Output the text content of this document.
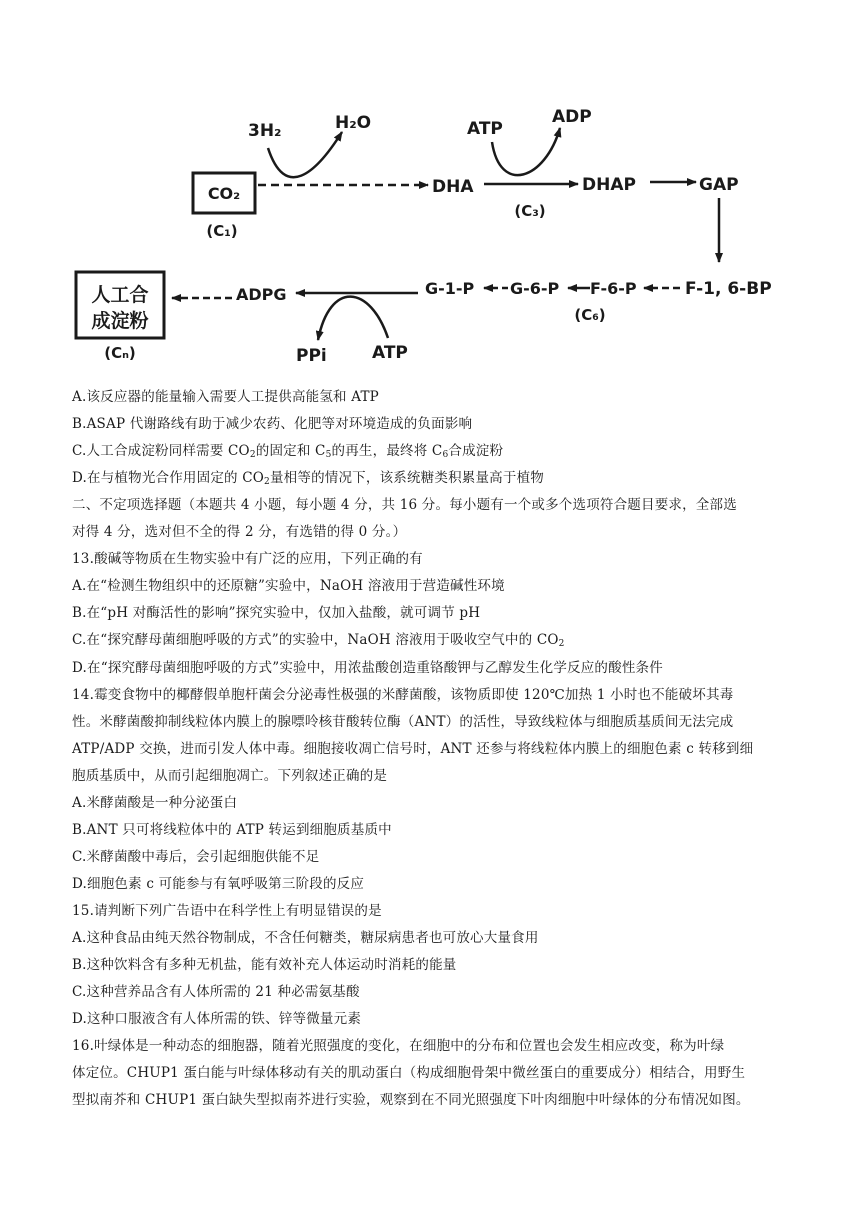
CO₂
(C₁)
3H₂	H₂O
DHA
ATP
ADP
(C₃)
DHAP	GAP
F-1, 6-BP
F-6-P
(C₆)
G-6-P
G-1-P
ADPG
PPi	ATP
人工合
成淀粉
(Cₙ)
A.该反应器的能量输入需要人工提供高能氢和 ATP
B.ASAP 代谢路线有助于减少农药、化肥等对环境造成的负面影响
C.人工合成淀粉同样需要 $CO_2$的固定和 $C_5$的再生，最终将 $C_6$合成淀粉
D.在与植物光合作用固定的 $CO_2$量相等的情况下，该系统糖类积累量高于植物
二、不定项选择题（本题共 4 小题，每小题 4 分，共 16 分。每小题有一个或多个选项符合题目要求，全部选
对得 4 分，选对但不全的得 2 分，有选错的得 0 分。）
13.酸碱等物质在生物实验中有广泛的应用，下列正确的有
A.在“检测生物组织中的还原糖”实验中，NaOH 溶液用于营造碱性环境
B.在“pH 对酶活性的影响”探究实验中，仅加入盐酸，就可调节 pH
C.在“探究酵母菌细胞呼吸的方式”的实验中，NaOH 溶液用于吸收空气中的 $CO_2$
D.在“探究酵母菌细胞呼吸的方式”实验中，用浓盐酸创造重铬酸钾与乙醇发生化学反应的酸性条件
14.霉变食物中的椰酵假单胞杆菌会分泌毒性极强的米酵菌酸，该物质即使 120℃加热 1 小时也不能破坏其毒
性。米酵菌酸抑制线粒体内膜上的腺嘌呤核苷酸转位酶（ANT）的活性，导致线粒体与细胞质基质间无法完成
ATP/ADP 交换，进而引发人体中毒。细胞接收凋亡信号时，ANT 还参与将线粒体内膜上的细胞色素 c 转移到细
胞质基质中，从而引起细胞凋亡。下列叙述正确的是
A.米酵菌酸是一种分泌蛋白
B.ANT 只可将线粒体中的 ATP 转运到细胞质基质中
C.米酵菌酸中毒后，会引起细胞供能不足
D.细胞色素 c 可能参与有氧呼吸第三阶段的反应
15.请判断下列广告语中在科学性上有明显错误的是
A.这种食品由纯天然谷物制成，不含任何糖类，糖尿病患者也可放心大量食用
B.这种饮料含有多种无机盐，能有效补充人体运动时消耗的能量
C.这种营养品含有人体所需的 21 种必需氨基酸
D.这种口服液含有人体所需的铁、锌等微量元素
16.叶绿体是一种动态的细胞器，随着光照强度的变化，在细胞中的分布和位置也会发生相应改变，称为叶绿
体定位。CHUP1 蛋白能与叶绿体移动有关的肌动蛋白（构成细胞骨架中微丝蛋白的重要成分）相结合，用野生
型拟南芥和 CHUP1 蛋白缺失型拟南芥进行实验，观察到在不同光照强度下叶肉细胞中叶绿体的分布情况如图。
